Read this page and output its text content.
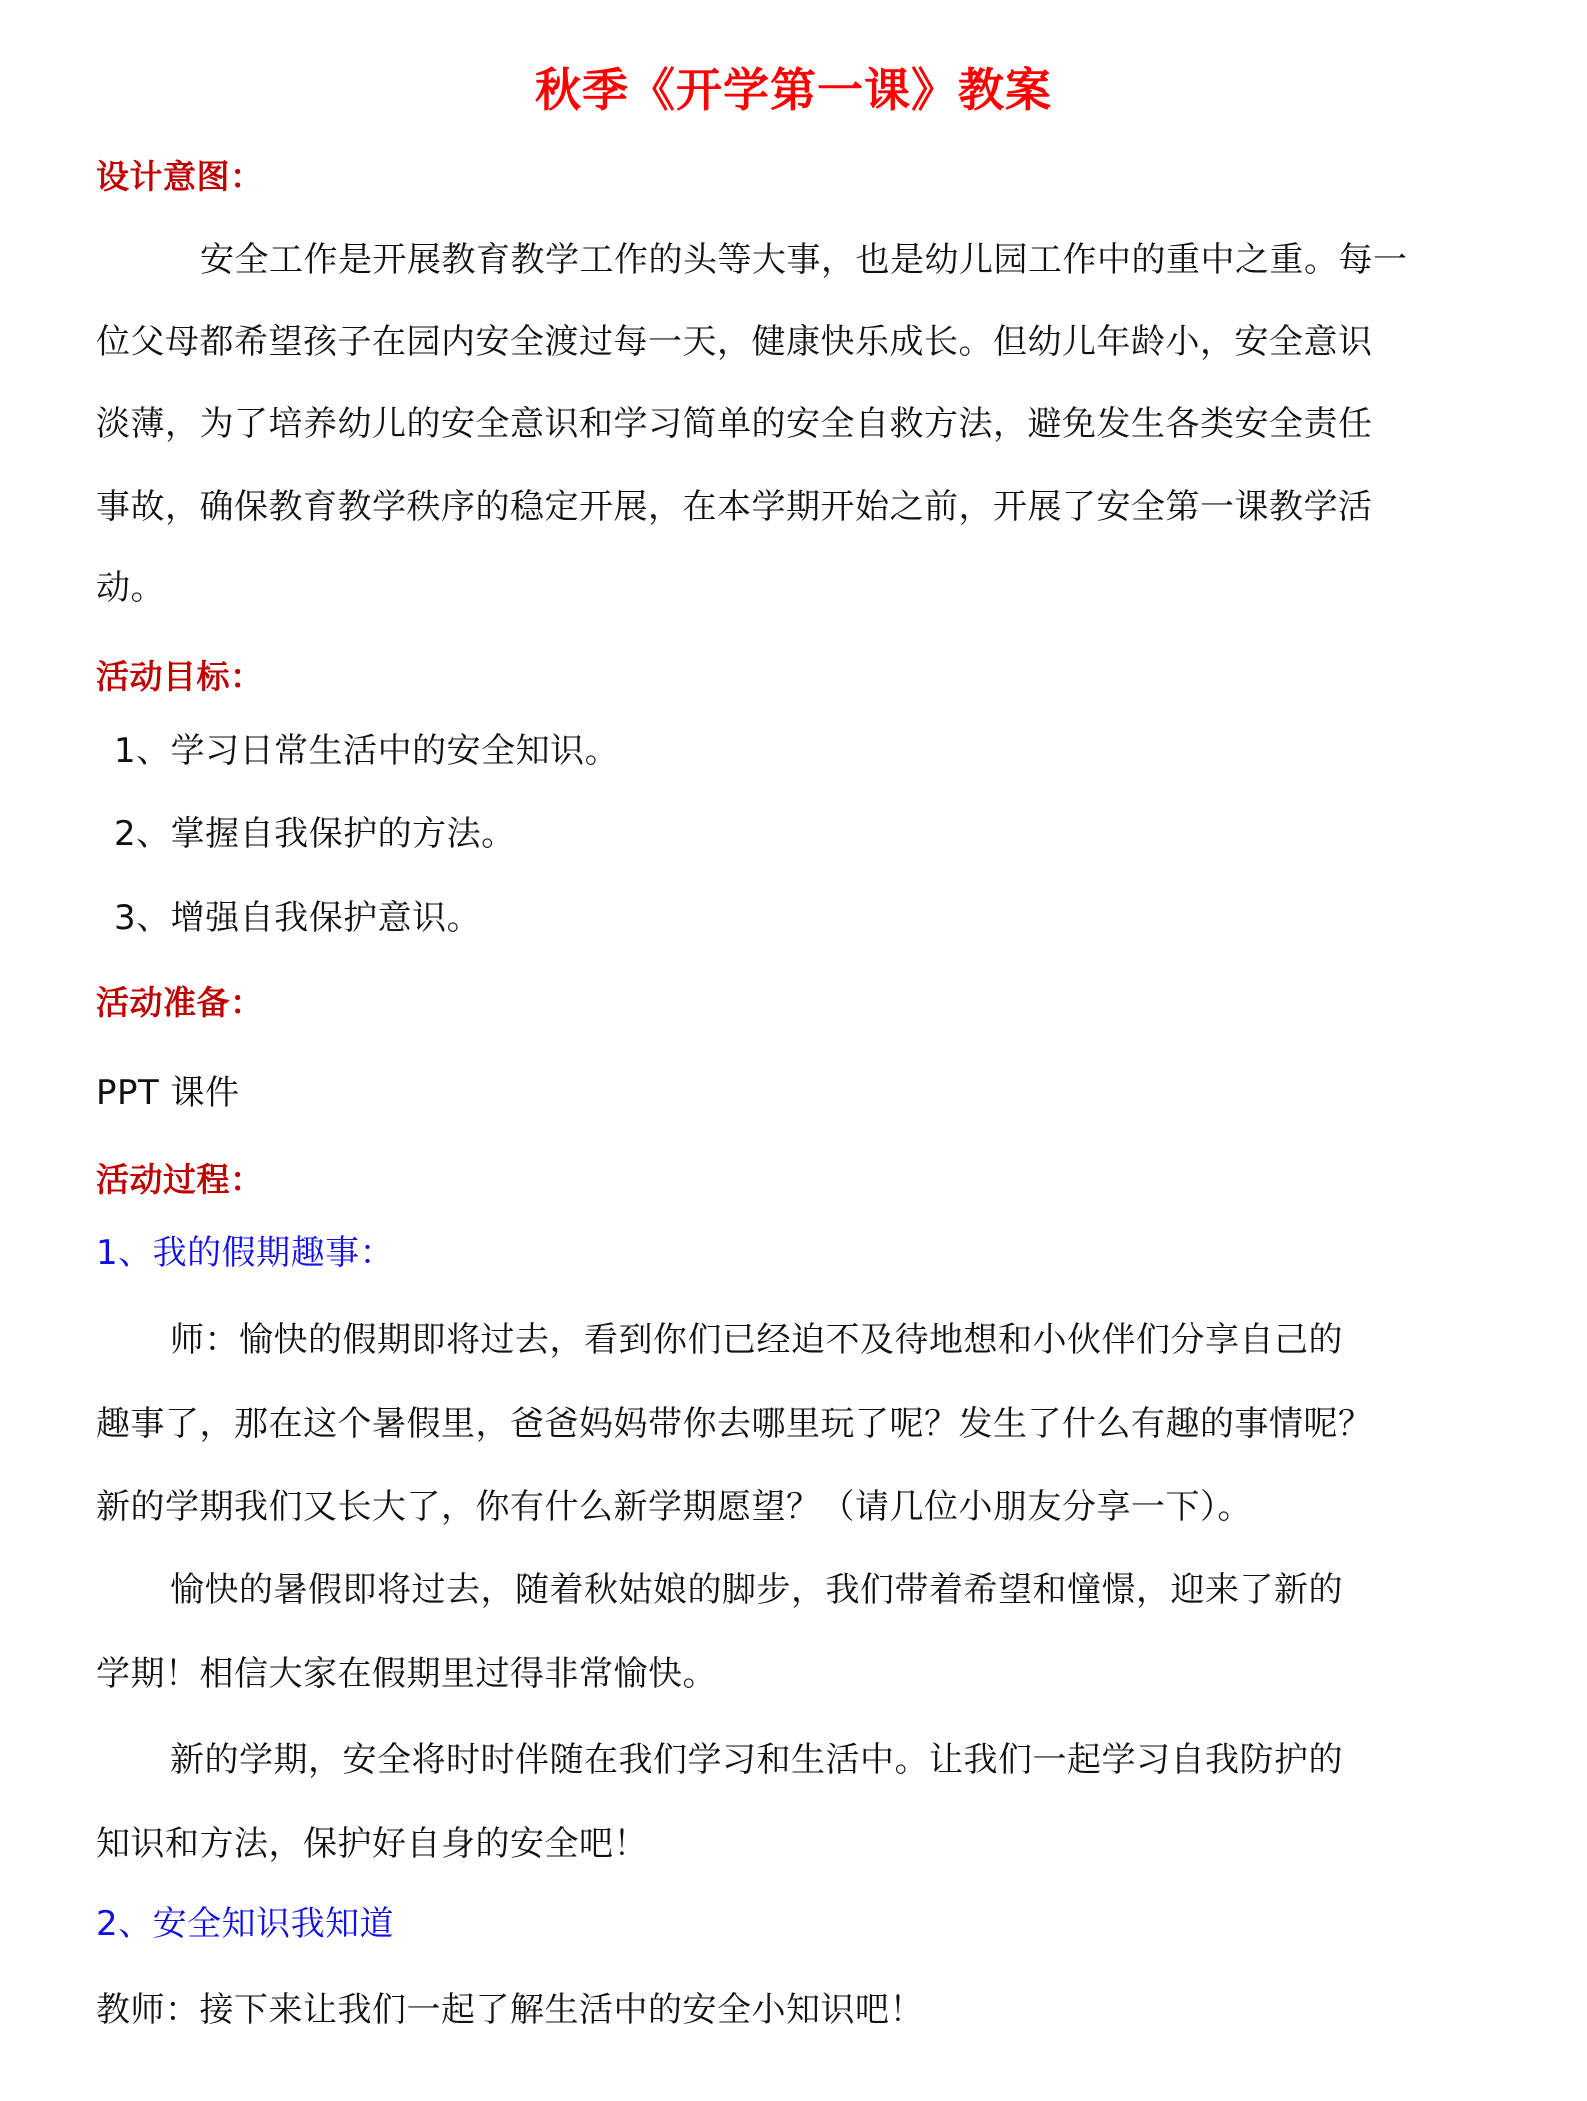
秋季《开学第一课》教案
设计意图：
安全工作是开展教育教学工作的头等大事，也是幼儿园工作中的重中之重。每一
位父母都希望孩子在园内安全渡过每一天，健康快乐成长。但幼儿年龄小，安全意识
淡薄，为了培养幼儿的安全意识和学习简单的安全自救方法，避免发生各类安全责任
事故，确保教育教学秩序的稳定开展，在本学期开始之前，开展了安全第一课教学活
动。
活动目标：
1、学习日常生活中的安全知识。
2、掌握自我保护的方法。
3、增强自我保护意识。
活动准备：
PPT 课件
活动过程：
1、我的假期趣事：
师：愉快的假期即将过去，看到你们已经迫不及待地想和小伙伴们分享自己的
趣事了，那在这个暑假里，爸爸妈妈带你去哪里玩了呢？发生了什么有趣的事情呢？
新的学期我们又长大了，你有什么新学期愿望？（请几位小朋友分享一下）。
愉快的暑假即将过去，随着秋姑娘的脚步，我们带着希望和憧憬，迎来了新的
学期！相信大家在假期里过得非常愉快。
新的学期，安全将时时伴随在我们学习和生活中。让我们一起学习自我防护的
知识和方法，保护好自身的安全吧！
2、安全知识我知道
教师：接下来让我们一起了解生活中的安全小知识吧！
